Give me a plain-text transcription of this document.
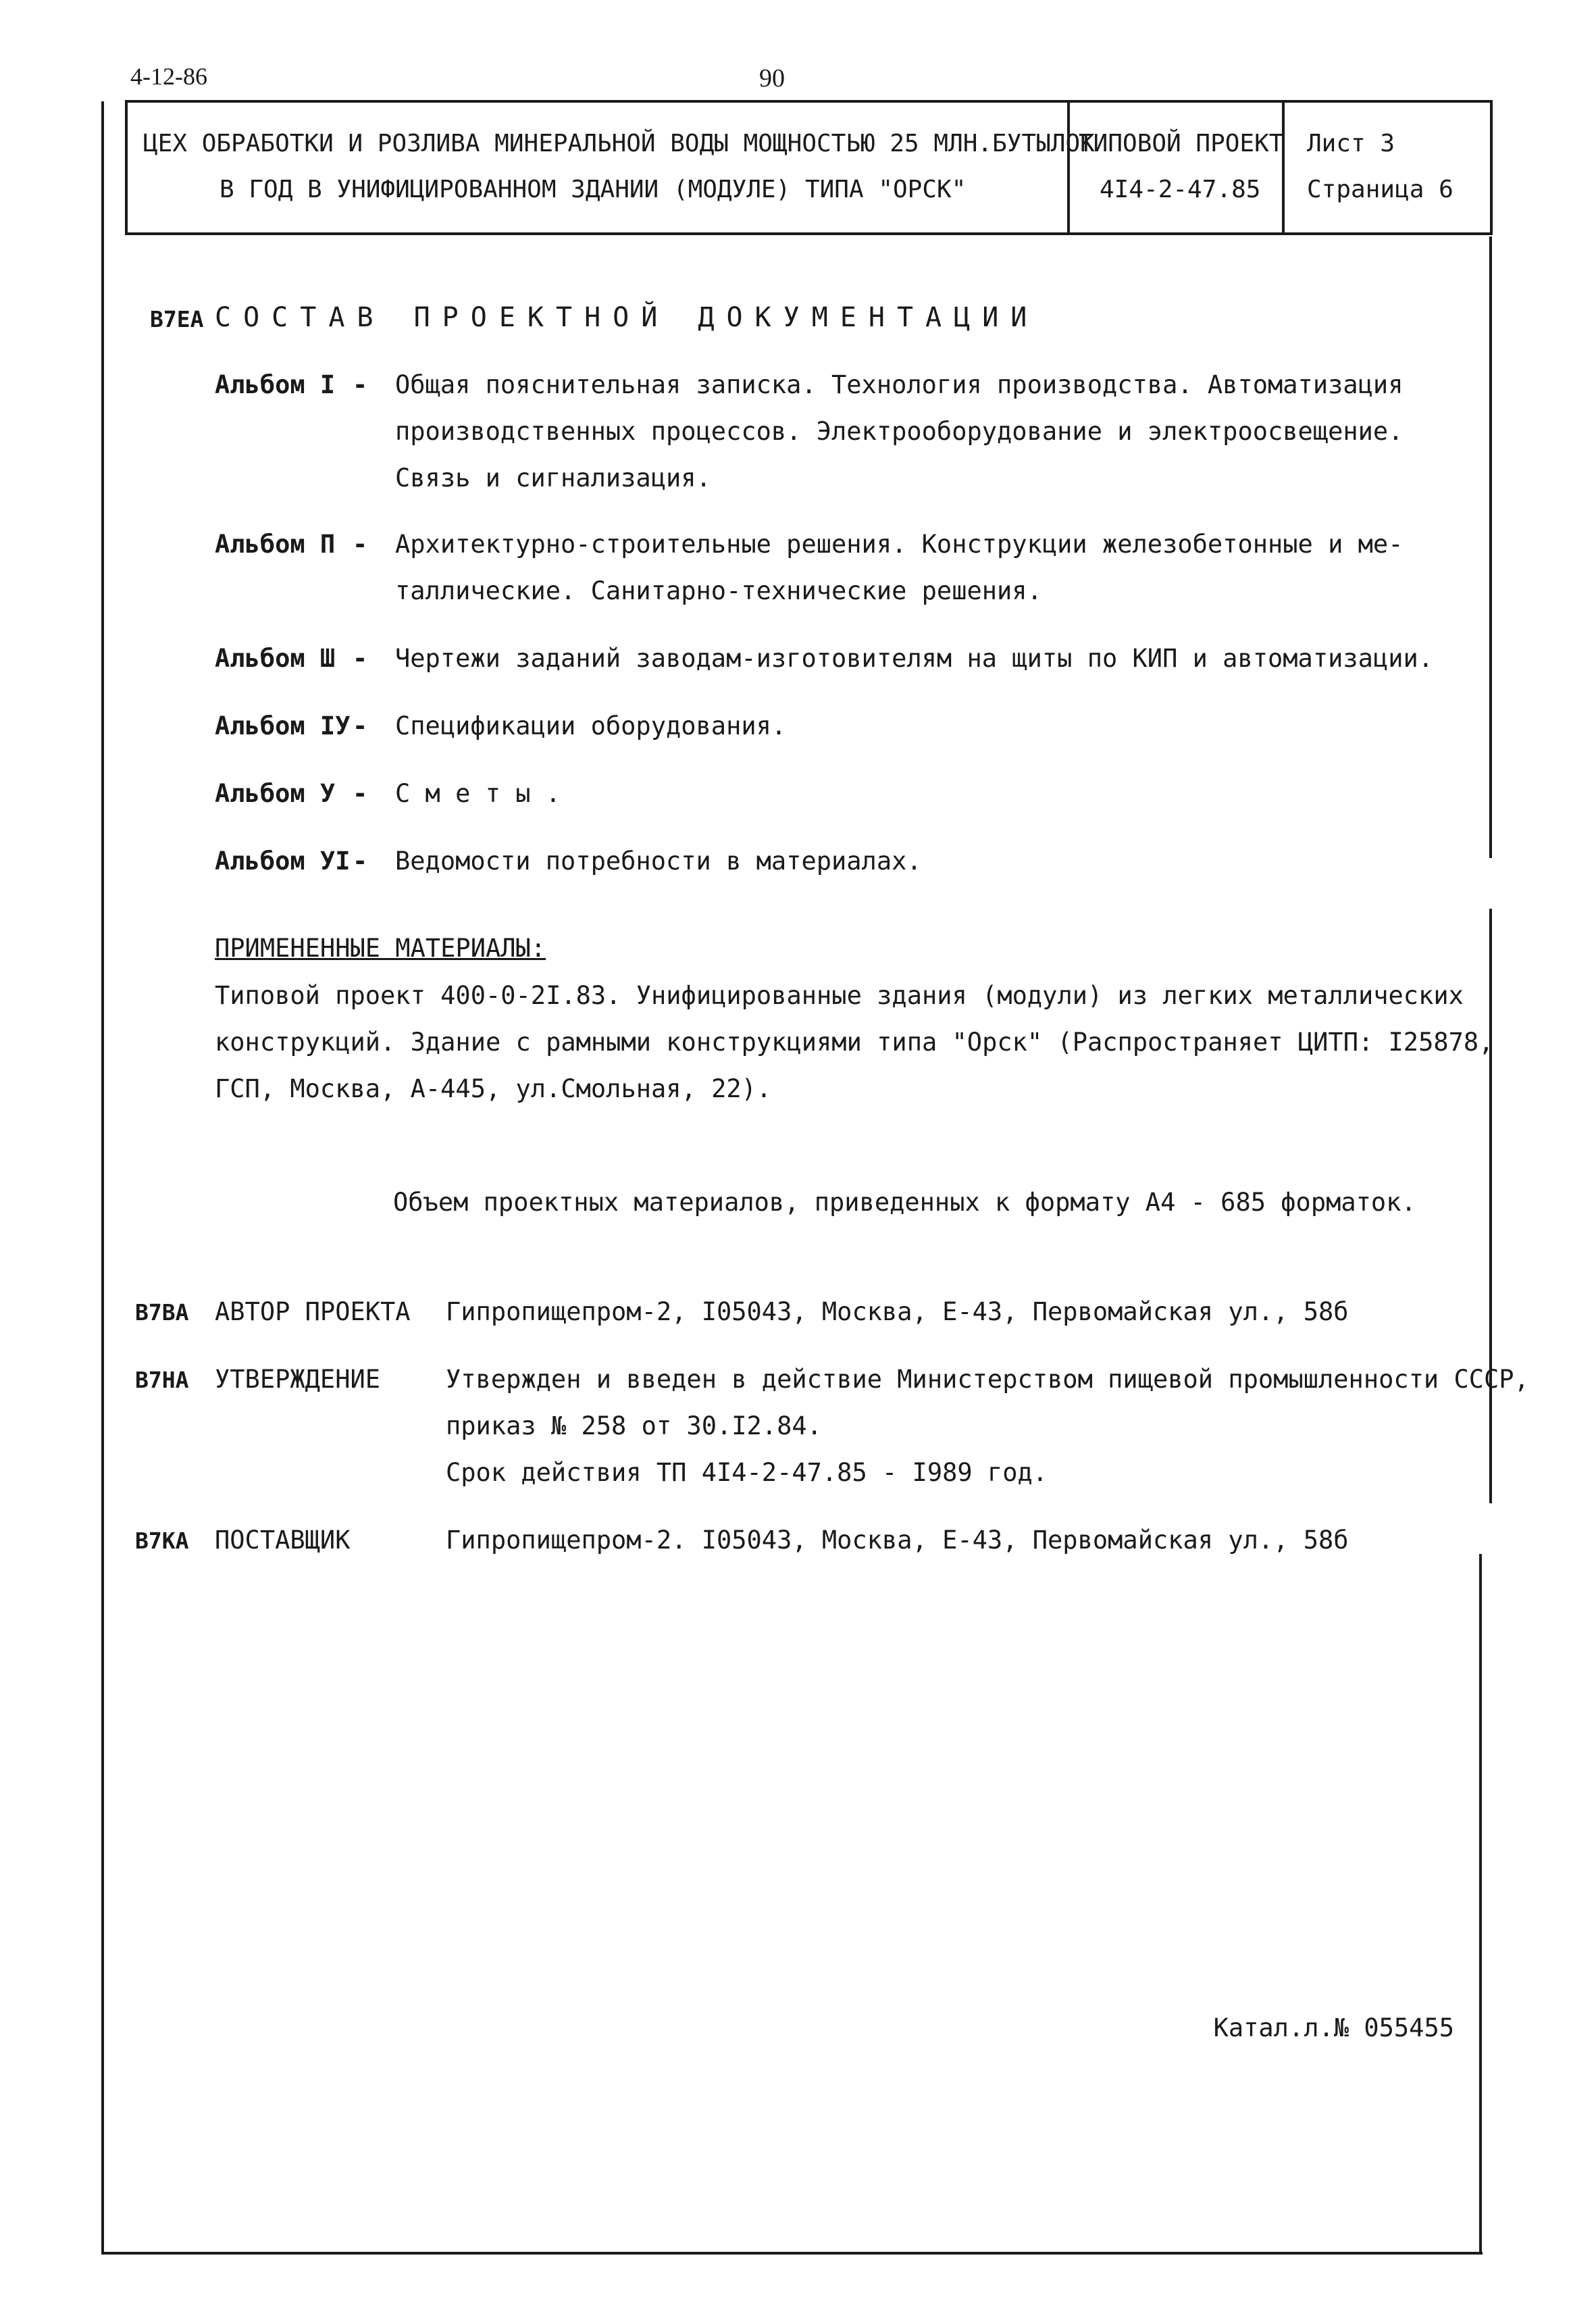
4-12-86	90
ЦЕХ ОБРАБОТКИ И РОЗЛИВА МИНЕРАЛЬНОЙ ВОДЫ МОЩНОСТЬЮ 25 МЛН.БУТЫЛОК
В ГОД В УНИФИЦИРОВАННОМ ЗДАНИИ (МОДУЛЕ) ТИПА "ОРСК"
ТИПОВОЙ ПРОЕКТ
4I4-2-47.85
Лист 3
Страница 6
В7ЕА СОСТАВ ПРОЕКТНОЙ ДОКУМЕНТАЦИИ
Альбом I - Общая пояснительная записка. Технология производства. Автоматизация
производственных процессов. Электрооборудование и электроосвещение.
Связь и сигнализация.
Альбом П - Архитектурно-строительные решения. Конструкции железобетонные и ме-
таллические. Санитарно-технические решения.
Альбом Ш - Чертежи заданий заводам-изготовителям на щиты по КИП и автоматизации.
Альбом IУ - Спецификации оборудования.
Альбом У - С м е т ы .
Альбом УI - Ведомости потребности в материалах.
ПРИМЕНЕННЫЕ МАТЕРИАЛЫ:
Типовой проект 400-0-2I.83. Унифицированные здания (модули) из легких металлических
конструкций. Здание с рамными конструкциями типа "Орск" (Распространяет ЦИТП: I25878,
ГСП, Москва, А-445, ул.Смольная, 22).
Объем проектных материалов, приведенных к формату А4 - 685 форматок.
В7ВА АВТОР ПРОЕКТА Гипропищепром-2, I05043, Москва, Е-43, Первомайская ул., 58б
В7НА УТВЕРЖДЕНИЕ	Утвержден и введен в действие Министерством пищевой промышленности СССР,
приказ № 258 от 30.I2.84.
Срок действия ТП 4I4-2-47.85 - I989 год.
В7КА ПОСТАВЩИК	Гипропищепром-2. I05043, Москва, Е-43, Первомайская ул., 58б
Катал.л.№ 055455
